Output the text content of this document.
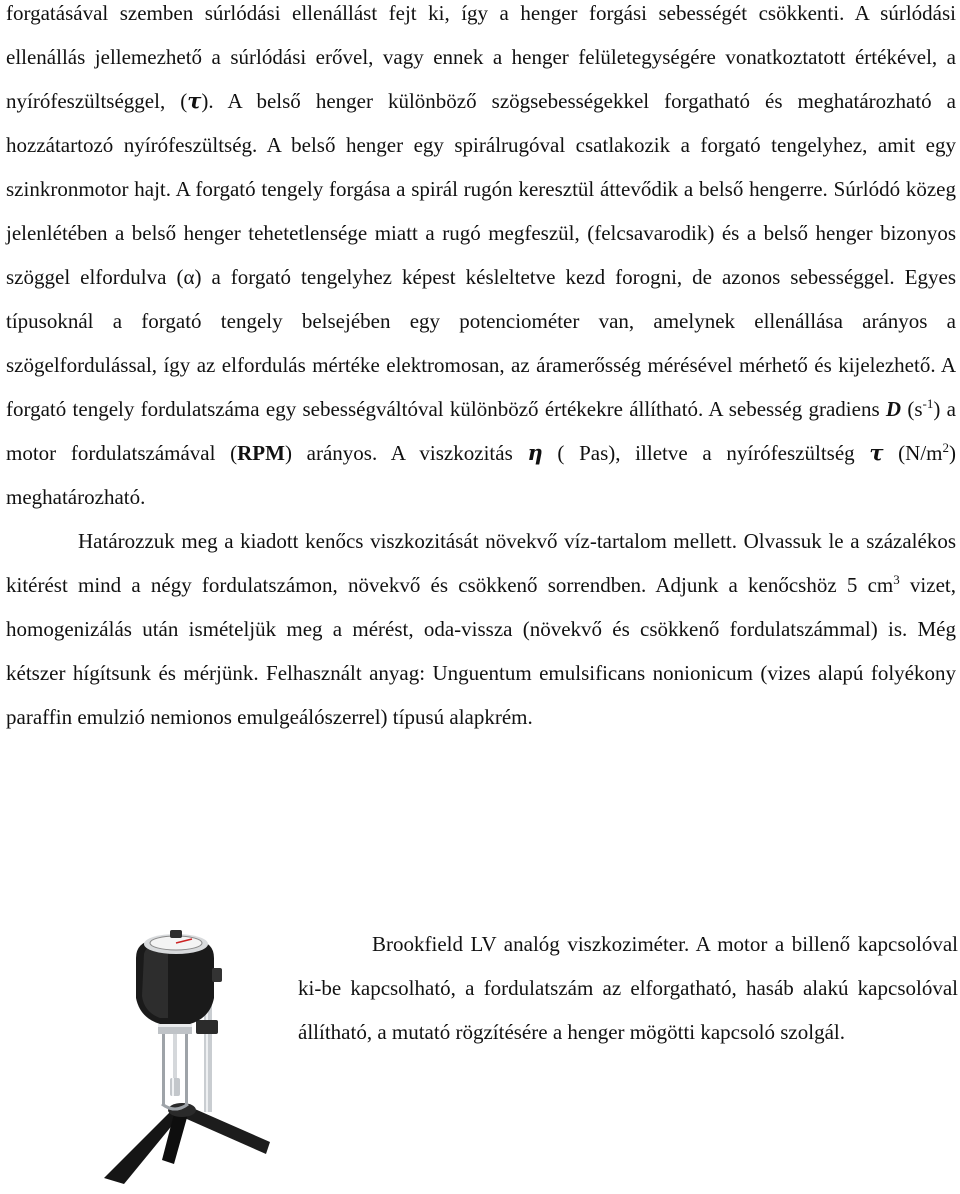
forgatásával szemben súrlódási ellenállást fejt ki, így a henger forgási sebességét csökkenti. A súrlódási ellenállás jellemezhető a súrlódási erővel, vagy ennek a henger felületegységére vonatkoztatott értékével, a nyírófeszültséggel, (τ). A belső henger különböző szögsebességekkel forgatható és meghatározható a hozzátartozó nyírófeszültség. A belső henger egy spirálrugóval csatlakozik a forgató tengelyhez, amit egy szinkronmotor hajt. A forgató tengely forgása a spirál rugón keresztül áttevődik a belső hengerre. Súrlódó közeg jelenlétében a belső henger tehetetlensége miatt a rugó megfeszül, (felcsavarodik) és a belső henger bizonyos szöggel elfordulva (α) a forgató tengelyhez képest késleltetve kezd forogni, de azonos sebességgel. Egyes típusoknál a forgató tengely belsejében egy potenciométer van, amelynek ellenállása arányos a szögelfordulással, így az elfordulás mértéke elektromosan, az áramerősség mérésével mérhető és kijelezhető. A forgató tengely fordulatszáma egy sebességváltóval különböző értékekre állítható. A sebesség gradiens D $(s^{-1})$ a motor fordulatszámával (RPM) arányos. A viszkozitás η ( Pas), illetve a nyírófeszültség τ $(N/m^2)$ meghatározható.

Határozzuk meg a kiadott kenőcs viszkozitását növekvő víz-tartalom mellett. Olvassuk le a százalékos kitérést mind a négy fordulatszámon, növekvő és csökkenő sorrendben. Adjunk a kenőcshöz 5 $cm^3$ vizet, homogenizálás után ismételjük meg a mérést, oda-vissza (növekvő és csökkenő fordulatszámmal) is. Még kétszer hígítsunk és mérjünk. Felhasznált anyag: Unguentum emulsificans nonionicum (vizes alapú folyékony paraffin emulzió nemionos emulgeálószerrel) típusú alapkrém.

Brookfield LV analóg viszkoziméter. A motor a billenő kapcsolóval ki-be kapcsolható, a fordulatszám az elforgatható, hasáb alakú kapcsolóval állítható, a mutató rögzítésére a henger mögötti kapcsoló szolgál.
